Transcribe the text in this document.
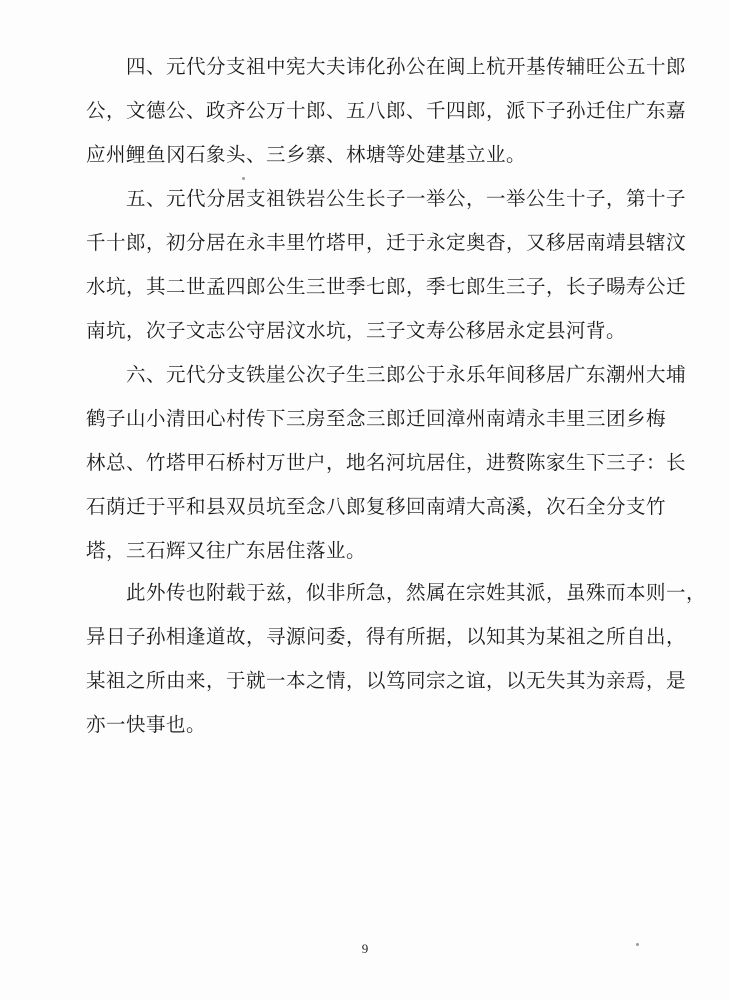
四、元代分支祖中宪大夫讳化孙公在闽上杭开基传辅旺公五十郎
公，文德公、政齐公万十郎、五八郎、千四郎，派下子孙迁住广东嘉
应州鲤鱼冈石象头、三乡寨、林塘等处建基立业。

五、元代分居支祖铁岩公生长子一举公，一举公生十子，第十子
千十郎，初分居在永丰里竹塔甲，迁于永定奥杳，又移居南靖县辖汶
水坑，其二世孟四郎公生三世季七郎，季七郎生三子，长子暘寿公迁
南坑，次子文志公守居汶水坑，三子文寿公移居永定县河背。

六、元代分支铁崖公次子生三郎公于永乐年间移居广东潮州大埔
鹤子山小清田心村传下三房至念三郎迁回漳州南靖永丰里三团乡梅
林总、竹塔甲石桥村万世户，地名河坑居住，进赘陈家生下三子：长
石荫迁于平和县双员坑至念八郎复移回南靖大高溪，次石全分支竹
塔，三石辉又往广东居住落业。

此外传也附载于兹，似非所急，然属在宗姓其派，虽殊而本则一，
异日子孙相逢道故，寻源问委，得有所据，以知其为某祖之所自出，
某祖之所由来，于就一本之情，以笃同宗之谊，以无失其为亲焉，是
亦一快事也。

9
